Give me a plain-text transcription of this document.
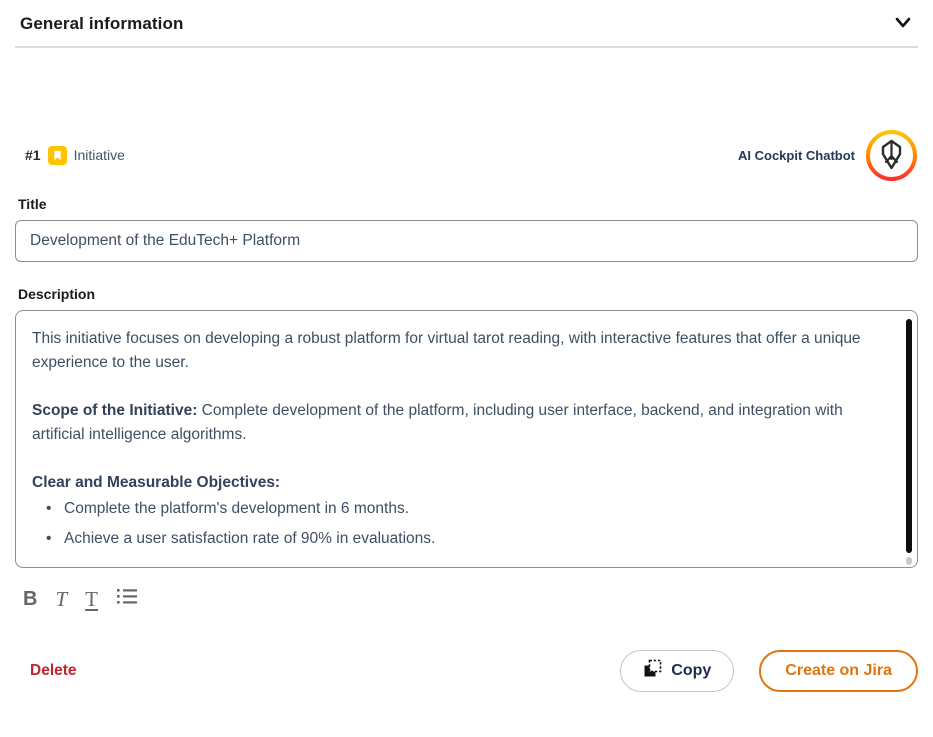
General information
#1 Initiative	AI Cockpit Chatbot
Title
Development of the EduTech+ Platform
Description

This initiative focuses on developing a robust platform for virtual tarot reading, with interactive features that offer a unique experience to the user.

Scope of the Initiative: Complete development of the platform, including user interface, backend, and integration with artificial intelligence algorithms.

Clear and Measurable Objectives:

• Complete the platform's development in 6 months.
• Achieve a user satisfaction rate of 90% in evaluations.
B T T
Delete	Copy	Create on Jira
